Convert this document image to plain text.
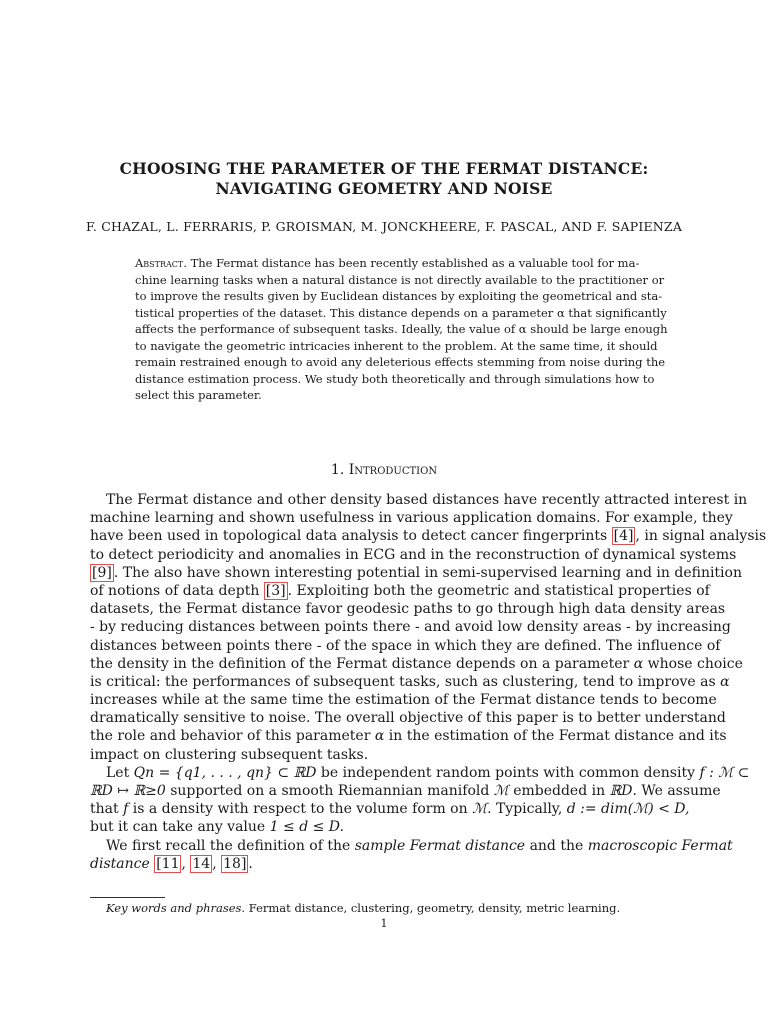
CHOOSING THE PARAMETER OF THE FERMAT DISTANCE:
NAVIGATING GEOMETRY AND NOISE
F. CHAZAL, L. FERRARIS, P. GROISMAN, M. JONCKHEERE, F. PASCAL, AND F. SAPIENZA
Abstract. The Fermat distance has been recently established as a valuable tool for ma-
chine learning tasks when a natural distance is not directly available to the practitioner or
to improve the results given by Euclidean distances by exploiting the geometrical and sta-
tistical properties of the dataset. This distance depends on a parameter α that significantly
affects the performance of subsequent tasks. Ideally, the value of α should be large enough
to navigate the geometric intricacies inherent to the problem. At the same time, it should
remain restrained enough to avoid any deleterious effects stemming from noise during the
distance estimation process. We study both theoretically and through simulations how to
select this parameter.
1. Introduction
The Fermat distance and other density based distances have recently attracted interest in
machine learning and shown usefulness in various application domains. For example, they
have been used in topological data analysis to detect cancer fingerprints [4] , in signal analysis
to detect periodicity and anomalies in ECG and in the reconstruction of dynamical systems
[9] . The also have shown interesting potential in semi-supervised learning and in definition
of notions of data depth [3] . Exploiting both the geometric and statistical properties of
datasets, the Fermat distance favor geodesic paths to go through high data density areas
- by reducing distances between points there - and avoid low density areas - by increasing
distances between points there - of the space in which they are defined. The influence of
the density in the definition of the Fermat distance depends on a parameter α whose choice
is critical: the performances of subsequent tasks, such as clustering, tend to improve as α
increases while at the same time the estimation of the Fermat distance tends to become
dramatically sensitive to noise. The overall objective of this paper is to better understand
the role and behavior of this parameter α in the estimation of the Fermat distance and its
impact on clustering subsequent tasks.
Let Qn = {q1, . . . , qn} ⊂ ℝD be independent random points with common density f : ℳ ⊂
ℝD ↦ ℝ≥0 supported on a smooth Riemannian manifold ℳ embedded in ℝD. We assume
that f is a density with respect to the volume form on ℳ. Typically, d := dim(ℳ) < D,
but it can take any value 1 ≤ d ≤ D.
We first recall the definition of the sample Fermat distance and the macroscopic Fermat
distance [11 , 14 , 18] .
Key words and phrases. Fermat distance, clustering, geometry, density, metric learning.
1
